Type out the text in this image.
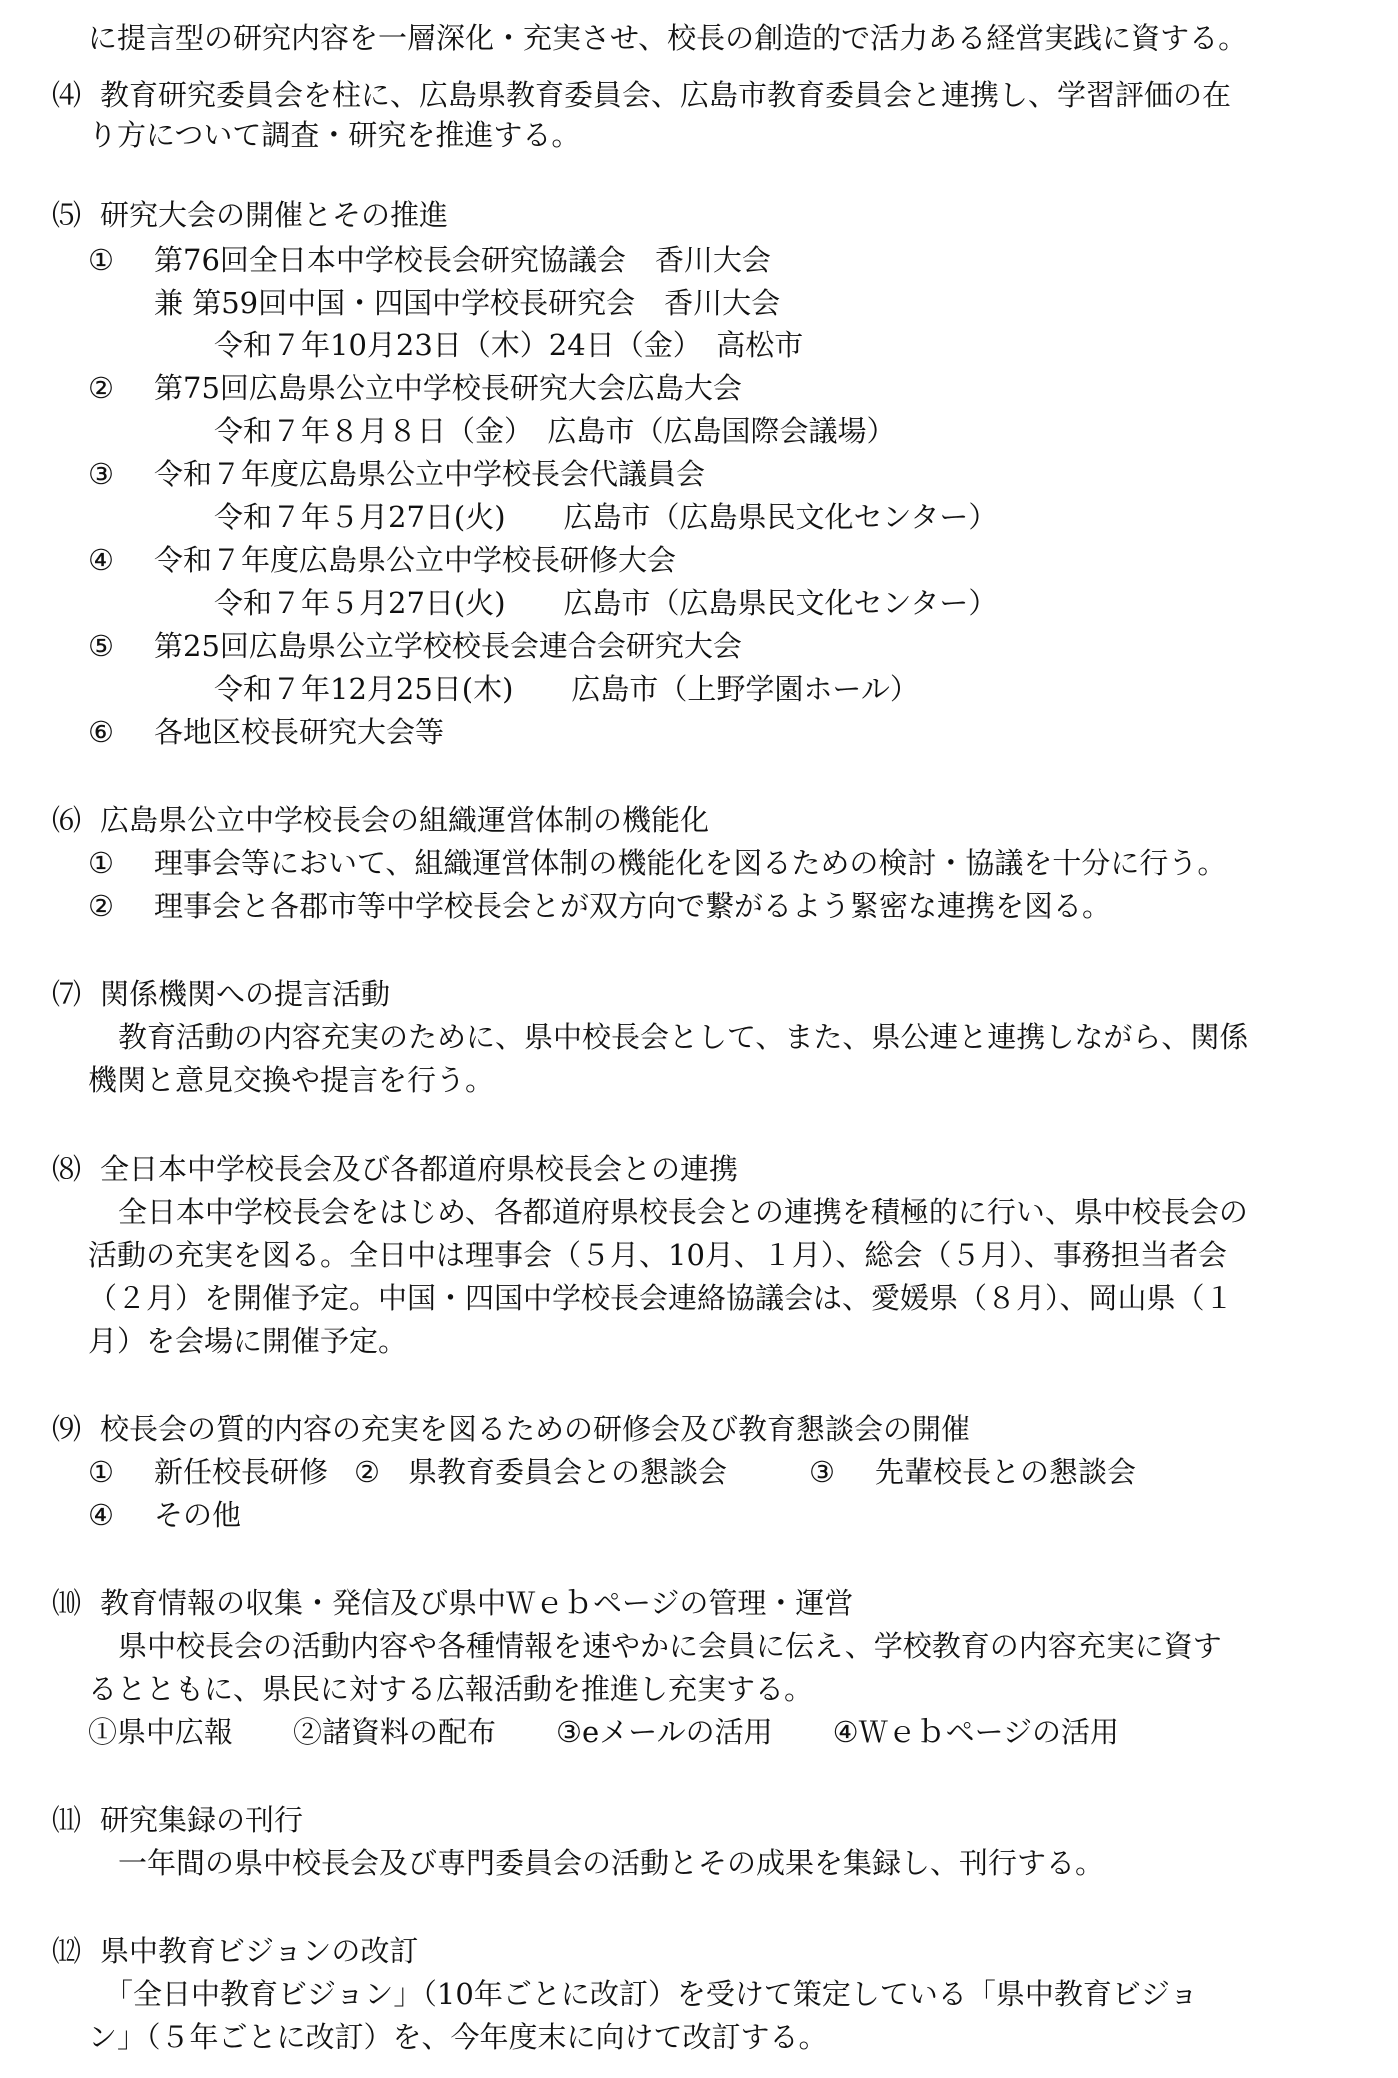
に提言型の研究内容を一層深化・充実させ、校長の創造的で活力ある経営実践に資する。
⑷ 教育研究委員会を柱に、広島県教育委員会、広島市教育委員会と連携し、学習評価の在
り方について調査・研究を推進する。
⑸ 研究大会の開催とその推進
① 第76回全日本中学校長会研究協議会　香川大会
兼 第59回中国・四国中学校長研究会　香川大会
令和７年10月23日（木）24日（金）　高松市
② 第75回広島県公立中学校長研究大会広島大会
令和７年８月８日（金）　広島市（広島国際会議場）
③ 令和７年度広島県公立中学校長会代議員会
令和７年５月27日(火)　　広島市（広島県民文化センター）
④ 令和７年度広島県公立中学校長研修大会
令和７年５月27日(火)　　広島市（広島県民文化センター）
⑤ 第25回広島県公立学校校長会連合会研究大会
令和７年12月25日(木)　　広島市（上野学園ホール）
⑥ 各地区校長研究大会等
⑹ 広島県公立中学校長会の組織運営体制の機能化
① 理事会等において、組織運営体制の機能化を図るための検討・協議を十分に行う。
② 理事会と各郡市等中学校長会とが双方向で繋がるよう緊密な連携を図る。
⑺ 関係機関への提言活動
教育活動の内容充実のために、県中校長会として、また、県公連と連携しながら、関係
機関と意見交換や提言を行う。
⑻ 全日本中学校長会及び各都道府県校長会との連携
全日本中学校長会をはじめ、各都道府県校長会との連携を積極的に行い、県中校長会の
活動の充実を図る。全日中は理事会（５月、10月、１月）、総会（５月）、事務担当者会
（２月）を開催予定。中国・四国中学校長会連絡協議会は、愛媛県（８月）、岡山県（１
月）を会場に開催予定。
⑼ 校長会の質的内容の充実を図るための研修会及び教育懇談会の開催
① 新任校長研修 ② 県教育委員会との懇談会	③ 先輩校長との懇談会
④ その他
⑽ 教育情報の収集・発信及び県中Ｗｅｂページの管理・運営
県中校長会の活動内容や各種情報を速やかに会員に伝え、学校教育の内容充実に資す
るとともに、県民に対する広報活動を推進し充実する。
①県中広報 ②諸資料の配布 ③eメールの活用 ④Ｗｅｂページの活用
⑾ 研究集録の刊行
一年間の県中校長会及び専門委員会の活動とその成果を集録し、刊行する。
⑿ 県中教育ビジョンの改訂
「全日中教育ビジョン」（10年ごとに改訂）を受けて策定している「県中教育ビジョ
ン」（５年ごとに改訂）を、今年度末に向けて改訂する。
